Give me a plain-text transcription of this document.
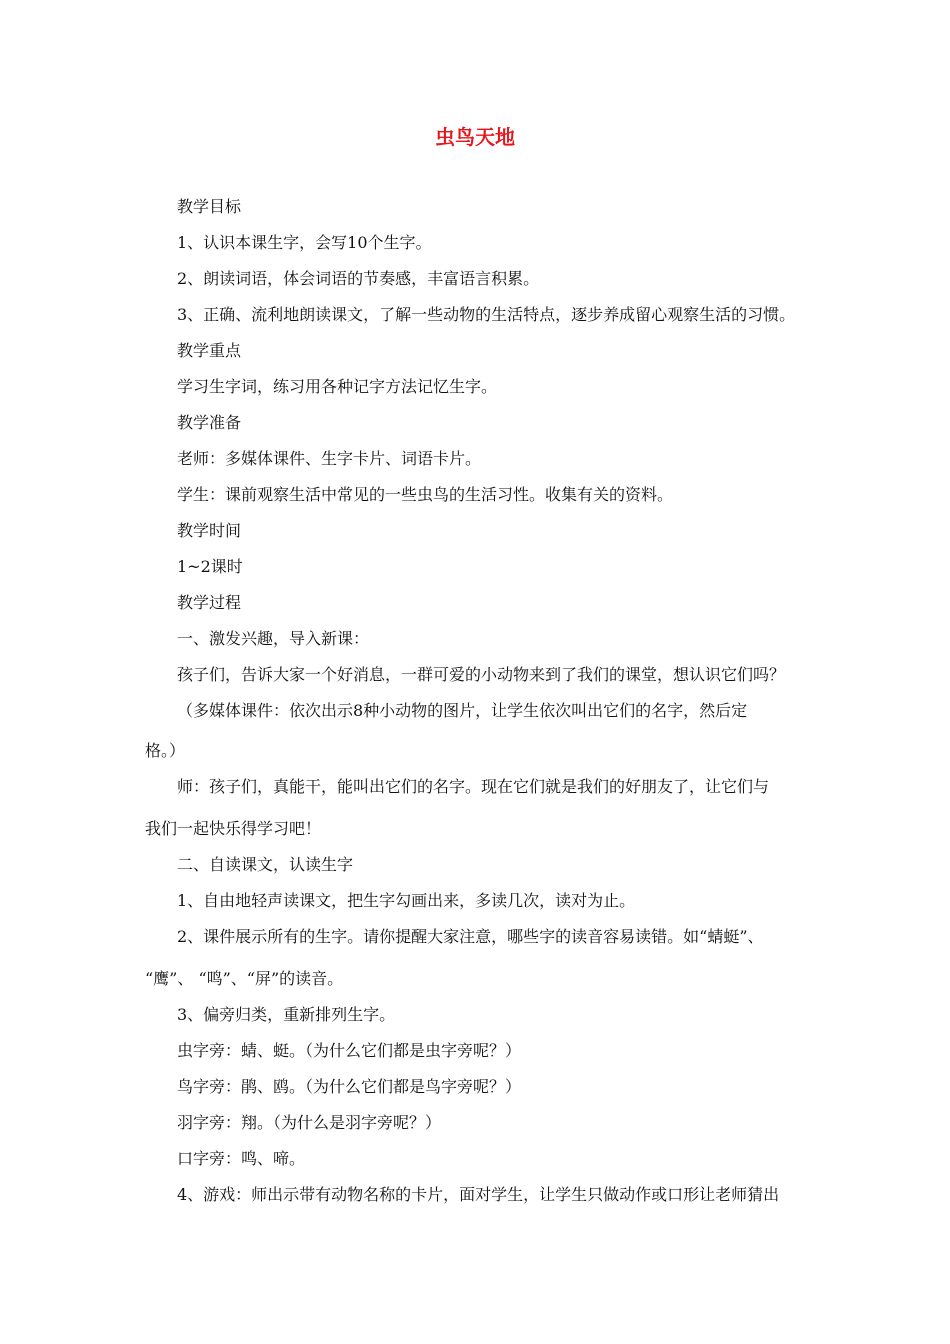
虫鸟天地

教学目标

1、认识本课生字，会写10个生字。

2、朗读词语，体会词语的节奏感，丰富语言积累。

3、正确、流利地朗读课文，了解一些动物的生活特点，逐步养成留心观察生活的习惯。

教学重点

学习生字词，练习用各种记字方法记忆生字。

教学准备

老师：多媒体课件、生字卡片、词语卡片。

学生：课前观察生活中常见的一些虫鸟的生活习性。收集有关的资料。

教学时间

1~2课时

教学过程

一、激发兴趣，导入新课：

孩子们，告诉大家一个好消息，一群可爱的小动物来到了我们的课堂，想认识它们吗？

（多媒体课件：依次出示8种小动物的图片，让学生依次叫出它们的名字，然后定

格。）

师：孩子们，真能干，能叫出它们的名字。现在它们就是我们的好朋友了，让它们与

我们一起快乐得学习吧！

二、自读课文，认读生字

1、自由地轻声读课文，把生字勾画出来，多读几次，读对为止。

2、课件展示所有的生字。请你提醒大家注意，哪些字的读音容易读错。如“蜻蜓”、

“鹰”、 “鸣”、“屏”的读音。

3、偏旁归类，重新排列生字。

虫字旁：蜻、蜓。（为什么它们都是虫字旁呢？）

鸟字旁：鹃、鸥。（为什么它们都是鸟字旁呢？）

羽字旁：翔。（为什么是羽字旁呢？）

口字旁：鸣、啼。

4、游戏：师出示带有动物名称的卡片，面对学生，让学生只做动作或口形让老师猜出
